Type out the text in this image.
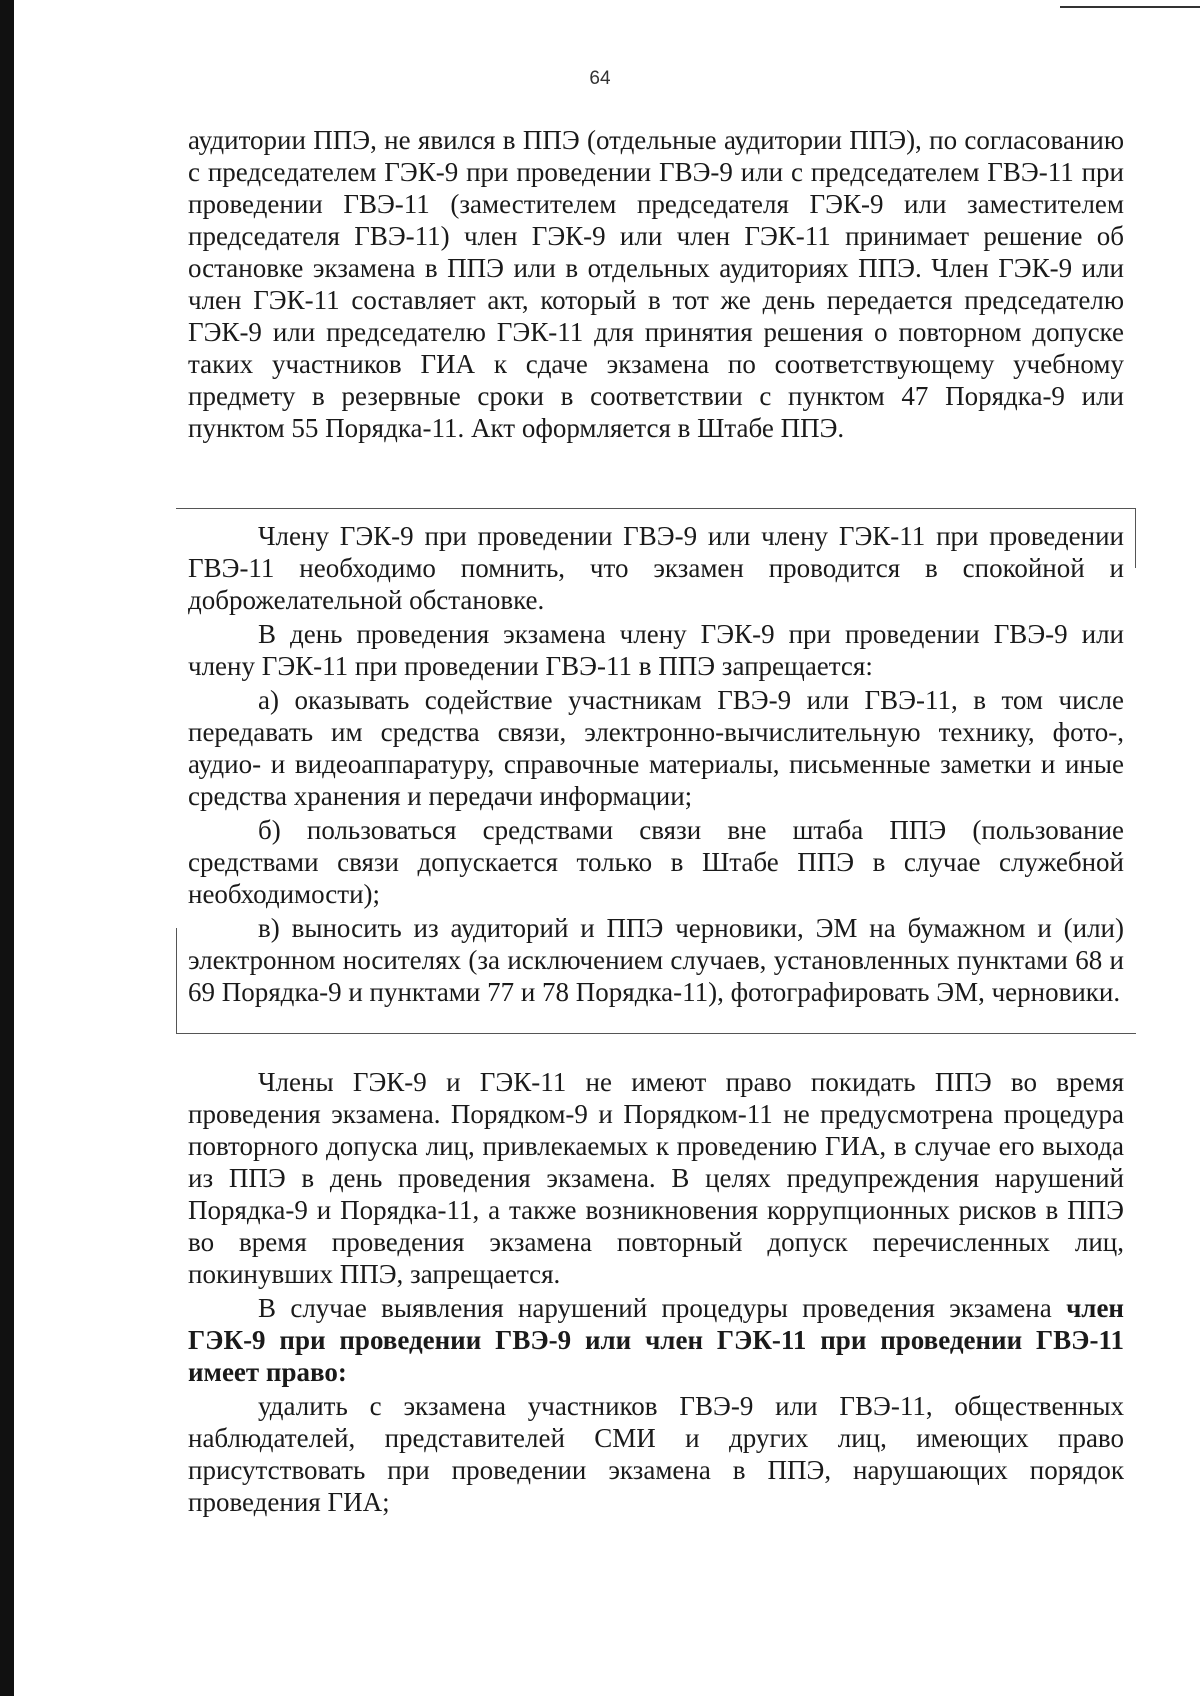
64

аудитории ППЭ, не явился в ППЭ (отдельные аудитории ППЭ), по согласованию с председателем ГЭК-9 при проведении ГВЭ-9 или с председателем ГВЭ-11 при проведении ГВЭ-11 (заместителем председателя ГЭК-9 или заместителем председателя ГВЭ-11) член ГЭК-9 или член ГЭК-11 принимает решение об остановке экзамена в ППЭ или в отдельных аудиториях ППЭ. Член ГЭК-9 или член ГЭК-11 составляет акт, который в тот же день передается председателю ГЭК-9 или председателю ГЭК-11 для принятия решения о повторном допуске таких участников ГИА к сдаче экзамена по соответствующему учебному предмету в резервные сроки в соответствии с пунктом 47 Порядка-9 или пунктом 55 Порядка-11. Акт оформляется в Штабе ППЭ.

Члену ГЭК-9 при проведении ГВЭ-9 или члену ГЭК-11 при проведении ГВЭ-11 необходимо помнить, что экзамен проводится в спокойной и доброжелательной обстановке.

В день проведения экзамена члену ГЭК-9 при проведении ГВЭ-9 или члену ГЭК-11 при проведении ГВЭ-11 в ППЭ запрещается:

а) оказывать содействие участникам ГВЭ-9 или ГВЭ-11, в том числе передавать им средства связи, электронно-вычислительную технику, фото-, аудио- и видеоаппаратуру, справочные материалы, письменные заметки и иные средства хранения и передачи информации;

б) пользоваться средствами связи вне штаба ППЭ (пользование средствами связи допускается только в Штабе ППЭ в случае служебной необходимости);

в) выносить из аудиторий и ППЭ черновики, ЭМ на бумажном и (или) электронном носителях (за исключением случаев, установленных пунктами 68 и 69 Порядка-9 и пунктами 77 и 78 Порядка-11), фотографировать ЭМ, черновики.

Члены ГЭК-9 и ГЭК-11 не имеют право покидать ППЭ во время проведения экзамена. Порядком-9 и Порядком-11 не предусмотрена процедура повторного допуска лиц, привлекаемых к проведению ГИА, в случае его выхода из ППЭ в день проведения экзамена. В целях предупреждения нарушений Порядка-9 и Порядка-11, а также возникновения коррупционных рисков в ППЭ во время проведения экзамена повторный допуск перечисленных лиц, покинувших ППЭ, запрещается.

В случае выявления нарушений процедуры проведения экзамена член ГЭК-9 при проведении ГВЭ-9 или член ГЭК-11 при проведении ГВЭ-11 имеет право:

удалить с экзамена участников ГВЭ-9 или ГВЭ-11, общественных наблюдателей, представителей СМИ и других лиц, имеющих право присутствовать при проведении экзамена в ППЭ, нарушающих порядок проведения ГИА;
